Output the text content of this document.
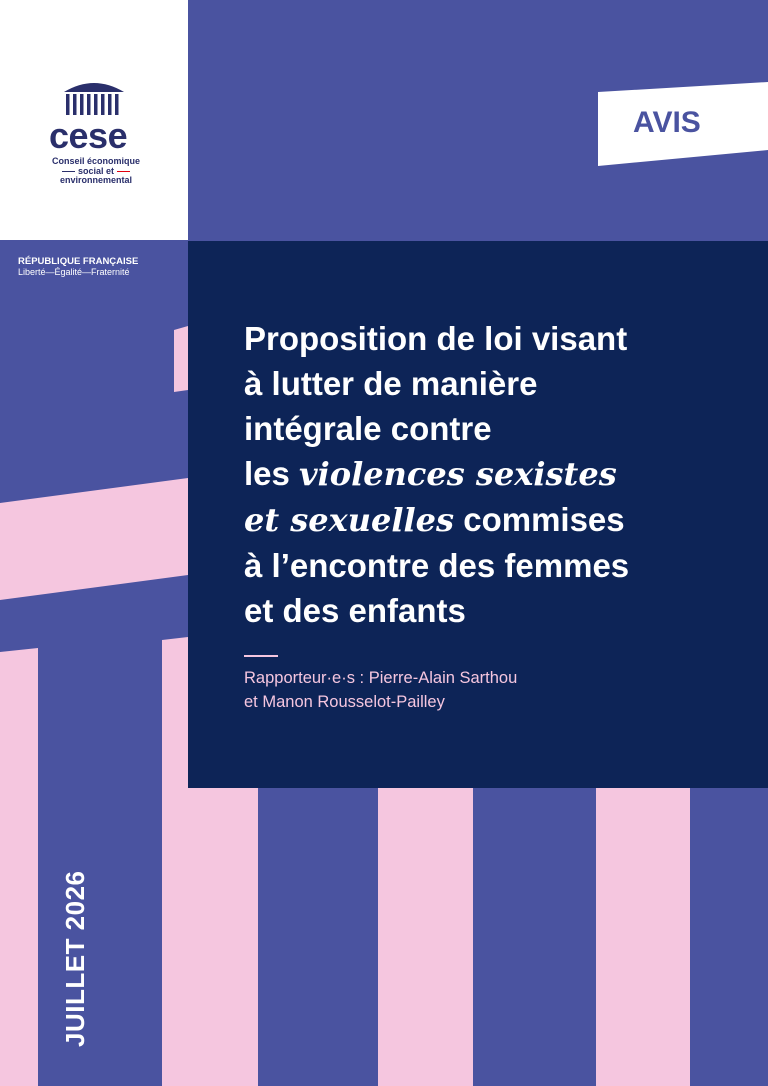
cese
Conseil économique
social et
environnemental
RÉPUBLIQUE FRANÇAISE
Liberté—Égalité—Fraternité
AVIS
Proposition de loi visant
à lutter de manière
intégrale contre
les violences sexistes
et sexuelles commises
à l’encontre des femmes
et des enfants
Rapporteur·e·s : Pierre-Alain Sarthou
et Manon Rousselot-Pailley
JUILLET 2026
